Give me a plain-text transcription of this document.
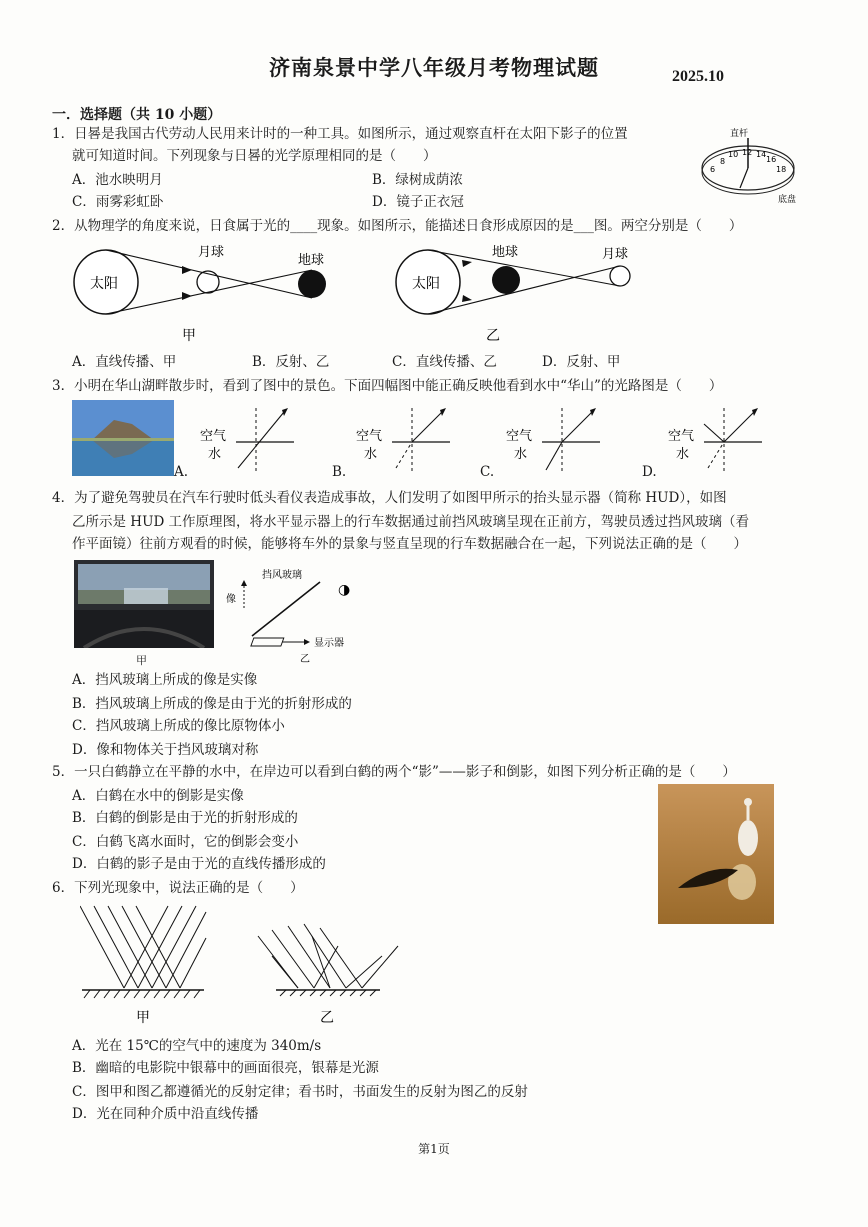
济南泉景中学八年级月考物理试题	2025.10
一．选择题（共 10 小题）
1．日晷是我国古代劳动人民用来计时的一种工具。如图所示，通过观察直杆在太阳下影子的位置
就可知道时间。下列现象与日晷的光学原理相同的是（　　）
A．池水映明月	B．绿树成荫浓
C．雨雾彩虹卧	D．镜子正衣冠
直杆
8
10 12 14
16
6	18
底盘
2．从物理学的角度来说，日食属于光的____现象。如图所示，能描述日食形成原因的是___图。两空分别是（　　）
太阳
月球
地球
甲
太阳
地球	月球
乙
A．直线传播、甲	B．反射、乙	C．直线传播、乙	D．反射、甲
3．小明在华山湖畔散步时，看到了图中的景色。下面四幅图中能正确反映他看到水中“华山”的光路图是（　　）
A.
空气
水
B.
空气
水
C.
空气
水
D.
空气
水
4．为了避免驾驶员在汽车行驶时低头看仪表造成事故，人们发明了如图甲所示的抬头显示器（简称 HUD），如图
乙所示是 HUD 工作原理图，将水平显示器上的行车数据通过前挡风玻璃呈现在正前方，驾驶员透过挡风玻璃（看
作平面镜）往前方观看的时候，能够将车外的景象与竖直呈现的行车数据融合在一起，下列说法正确的是（　　）
甲
挡风玻璃
像
◑
显示器
乙
A．挡风玻璃上所成的像是实像
B．挡风玻璃上所成的像是由于光的折射形成的
C．挡风玻璃上所成的像比原物体小
D．像和物体关于挡风玻璃对称
5．一只白鹤静立在平静的水中，在岸边可以看到白鹤的两个“影”——影子和倒影，如图下列分析正确的是（　　）
A．白鹤在水中的倒影是实像
B．白鹤的倒影是由于光的折射形成的
C．白鹤飞离水面时，它的倒影会变小
D．白鹤的影子是由于光的直线传播形成的
6．下列光现象中，说法正确的是（　　）
甲	乙
A．光在 15℃的空气中的速度为 340m/s
B．幽暗的电影院中银幕中的画面很亮，银幕是光源
C．图甲和图乙都遵循光的反射定律；看书时，书面发生的反射为图乙的反射
D．光在同种介质中沿直线传播
第1页
